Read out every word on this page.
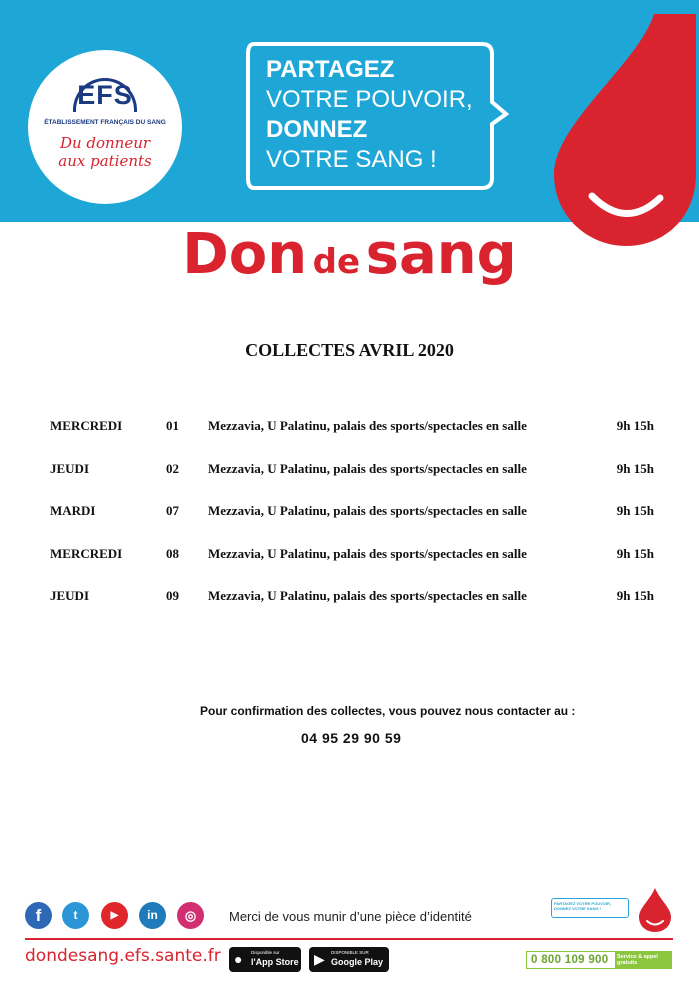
EFS
ÉTABLISSEMENT FRANÇAIS DU SANG
Du donneur
aux patients
PARTAGEZ
VOTRE POUVOIR,
DONNEZ
VOTRE SANG !
Don de sang
COLLECTES AVRIL 2020
MERCREDI	01 Mezzavia, U Palatinu, palais des sports/spectacles en salle	9h 15h
JEUDI	02 Mezzavia, U Palatinu, palais des sports/spectacles en salle	9h 15h
MARDI	07 Mezzavia, U Palatinu, palais des sports/spectacles en salle	9h 15h
MERCREDI	08 Mezzavia, U Palatinu, palais des sports/spectacles en salle	9h 15h
JEUDI	09 Mezzavia, U Palatinu, palais des sports/spectacles en salle	9h 15h
Pour confirmation des collectes, vous pouvez nous contacter au :
04 95 29 90 59
f	t	▶	in	◎	Merci de vous munir d’une pièce d’identité
PARTAGEZ VOTRE POUVOIR, DONNEZ VOTRE SANG !
dondesang.efs.sante.fr ● Disponible sur
l'App Store ▶ DISPONIBLE SUR
Google Play	0 800 109 900	Service & appel gratuits
